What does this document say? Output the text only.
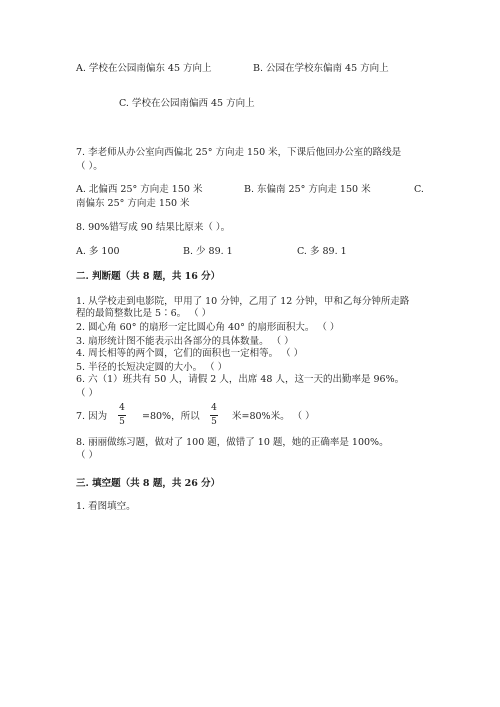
A. 学校在公园南偏东 45 方向上	B. 公园在学校东偏南 45 方向上
C. 学校在公园南偏西 45 方向上
7. 李老师从办公室向西偏北 25° 方向走 150 米，下课后他回办公室的路线是
（ ）。
A. 北偏西 25° 方向走 150 米	B. 东偏南 25° 方向走 150 米	C.
南偏东 25° 方向走 150 米
8. 90%错写成 90 结果比原来（ ）。
A. 多 100	B. 少 89. 1	C. 多 89. 1
二. 判断题（共 8 题，共 16 分）
1. 从学校走到电影院，甲用了 10 分钟，乙用了 12 分钟，甲和乙每分钟所走路
程的最简整数比是 5∶6。 （ ）
2. 圆心角 60° 的扇形一定比圆心角 40° 的扇形面积大。 （ ）
3. 扇形统计图不能表示出各部分的具体数量。 （ ）
4. 周长相等的两个圆，它们的面积也一定相等。 （ ）
5. 半径的长短决定圆的大小。 （ ）
6. 六（1）班共有 50 人，请假 2 人，出席 48 人，这一天的出勤率是 96%。
（ ）
7. 因为
4
5 =80%，所以
4
5 米=80%米。 （ ）
8. 丽丽做练习题，做对了 100 题，做错了 10 题，她的正确率是 100%。
（ ）
三. 填空题（共 8 题，共 26 分）
1. 看图填空。
